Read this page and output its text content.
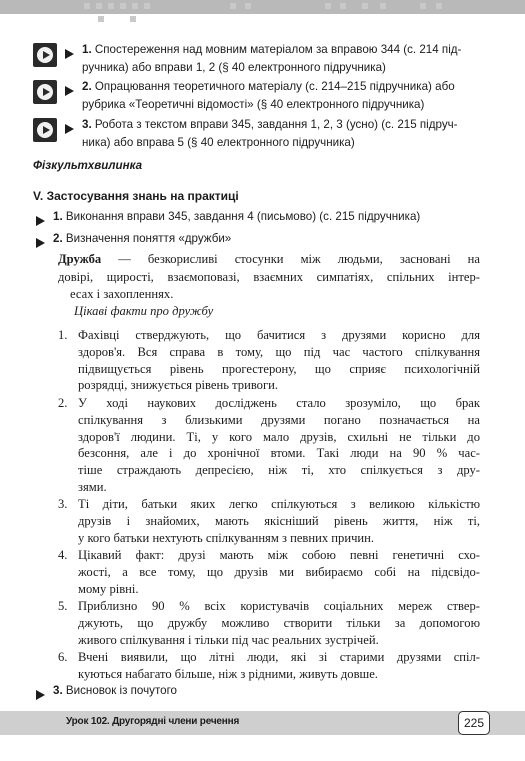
1. Спостереження над мовним матеріалом за вправою 344 (с. 214 під-
ручника) або вправи 1, 2 (§ 40 електронного підручника)
2. Опрацювання теоретичного матеріалу (с. 214–215 підручника) або
рубрика «Теоретичні відомості» (§ 40 електронного підручника)
3. Робота з текстом вправи 345, завдання 1, 2, 3 (усно) (с. 215 підруч-
ника) або вправа 5 (§ 40 електронного підручника)
Фізкультхвилинка
V. Застосування знань на практиці
1. Виконання вправи 345, завдання 4 (письмово) (с. 215 підручника)
2. Визначення поняття «дружби»
Дружба — безкорисливі стосунки між людьми, засновані на
довірі, щирості, взаємоповазі, взаємних симпатіях, спільних інтер-
есах і захопленнях.
Цікаві факти про дружбу
1. Фахівці стверджують, що бачитися з друзями корисно для
здоров'я. Вся справа в тому, що під час частого спілкування
підвищується рівень прогестерону, що сприяє психологічній
розрядці, знижується рівень тривоги.
2. У ході наукових досліджень стало зрозуміло, що брак
спілкування з близькими друзями погано позначається на
здоров'ї людини. Ті, у кого мало друзів, схильні не тільки до
безсоння, але і до хронічної втоми. Такі люди на 90 % час-
тіше страждають депресією, ніж ті, хто спілкується з дру-
зями.
3. Ті діти, батьки яких легко спілкуються з великою кількістю
друзів і знайомих, мають якісніший рівень життя, ніж ті,
у кого батьки нехтують спілкуванням з певних причин.
4. Цікавий факт: друзі мають між собою певні генетичні схо-
жості, а все тому, що друзів ми вибираємо собі на підсвідо-
мому рівні.
5. Приблизно 90 % всіх користувачів соціальних мереж ствер-
джують, що дружбу можливо створити тільки за допомогою
живого спілкування і тільки під час реальних зустрічей.
6. Вчені виявили, що літні люди, які зі старими друзями спіл-
куються набагато більше, ніж з рідними, живуть довше.
3. Висновок із почутого
Урок 102. Другорядні члени речення	225
